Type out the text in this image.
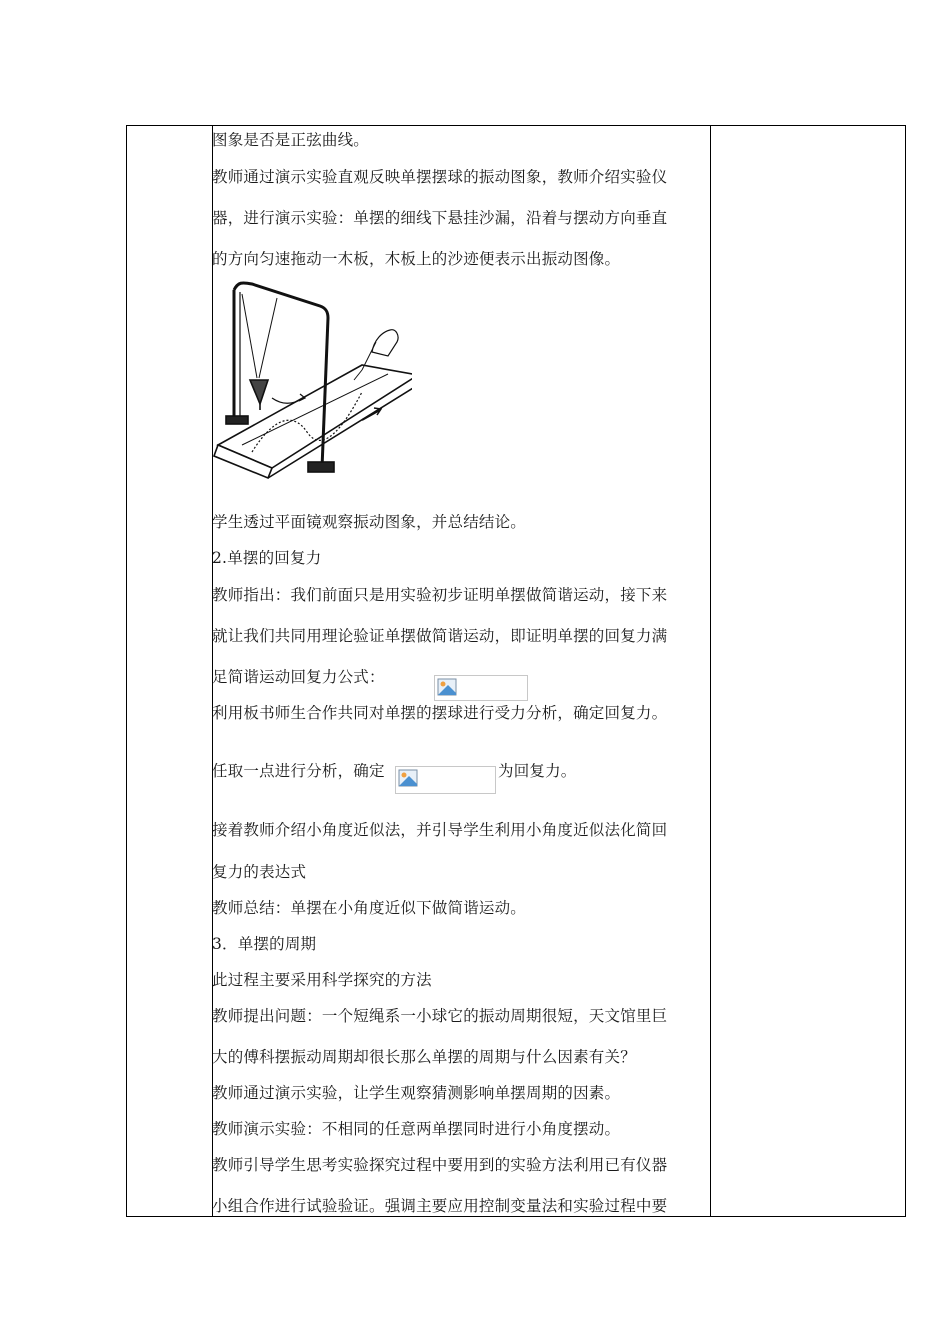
图象是否是正弦曲线。
教师通过演示实验直观反映单摆摆球的振动图象，教师介绍实验仪
器，进行演示实验：单摆的细线下悬挂沙漏，沿着与摆动方向垂直
的方向匀速拖动一木板，木板上的沙迹便表示出振动图像。
学生透过平面镜观察振动图象，并总结结论。
2.单摆的回复力
教师指出：我们前面只是用实验初步证明单摆做简谐运动，接下来
就让我们共同用理论验证单摆做简谐运动，即证明单摆的回复力满
足简谐运动回复力公式：
利用板书师生合作共同对单摆的摆球进行受力分析，确定回复力。
任取一点进行分析，确定	为回复力。
接着教师介绍小角度近似法，并引导学生利用小角度近似法化简回
复力的表达式
教师总结：单摆在小角度近似下做简谐运动。
3．单摆的周期
此过程主要采用科学探究的方法
教师提出问题：一个短绳系一小球它的振动周期很短，天文馆里巨
大的傅科摆振动周期却很长那么单摆的周期与什么因素有关？
教师通过演示实验，让学生观察猜测影响单摆周期的因素。
教师演示实验：不相同的任意两单摆同时进行小角度摆动。
教师引导学生思考实验探究过程中要用到的实验方法利用已有仪器
小组合作进行试验验证。强调主要应用控制变量法和实验过程中要
